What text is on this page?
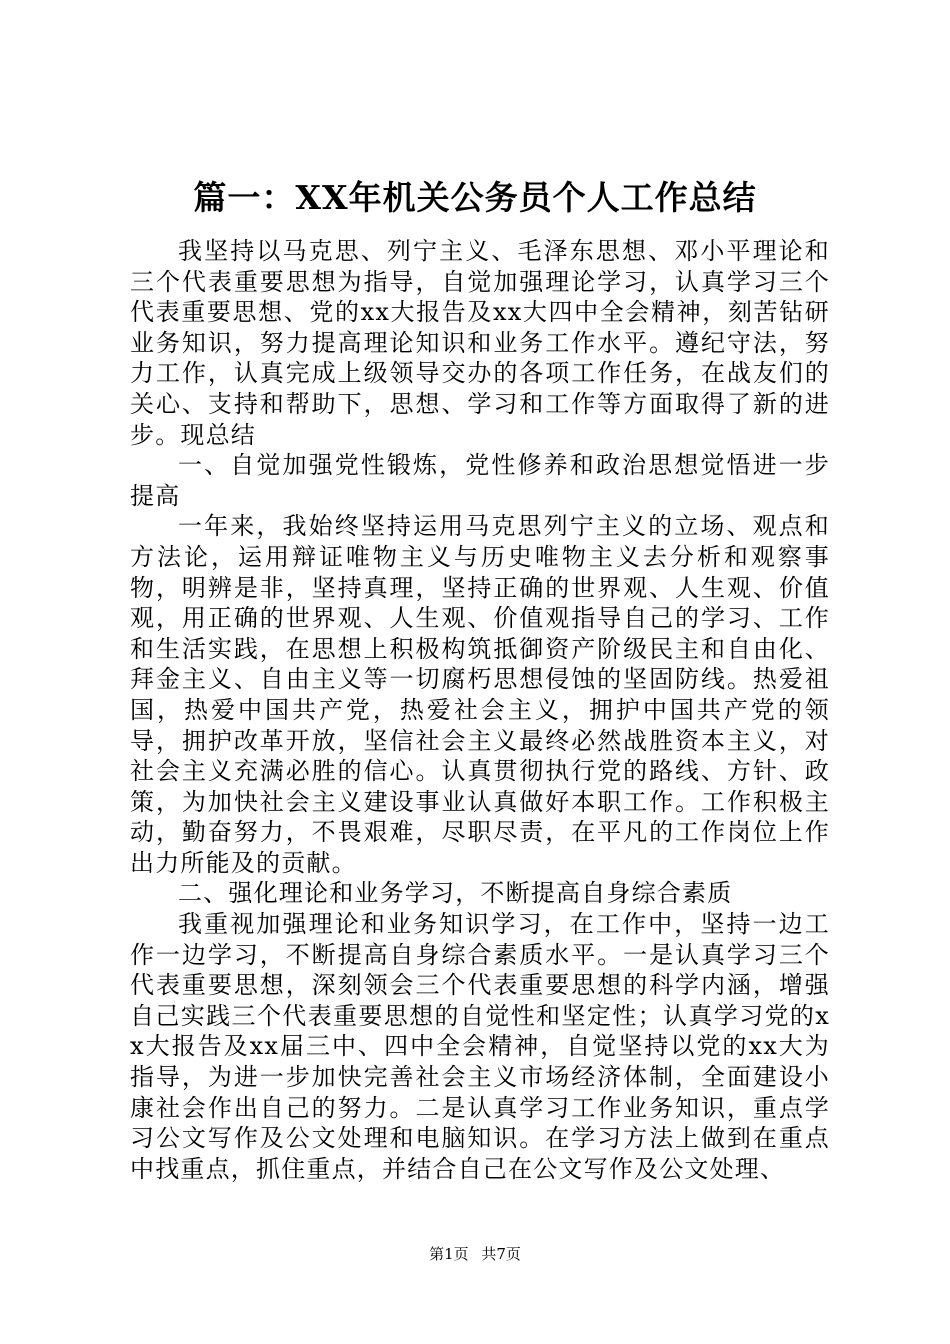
篇一：XX年机关公务员个人工作总结

我坚持以马克思、列宁主义、毛泽东思想、邓小平理论和三个代表重要思想为指导，自觉加强理论学习，认真学习三个代表重要思想、党的xx大报告及xx大四中全会精神，刻苦钻研业务知识，努力提高理论知识和业务工作水平。遵纪守法，努力工作，认真完成上级领导交办的各项工作任务，在战友们的关心、支持和帮助下，思想、学习和工作等方面取得了新的进步。现总结

一、自觉加强党性锻炼，党性修养和政治思想觉悟进一步提高

一年来，我始终坚持运用马克思列宁主义的立场、观点和方法论，运用辩证唯物主义与历史唯物主义去分析和观察事物，明辨是非，坚持真理，坚持正确的世界观、人生观、价值观，用正确的世界观、人生观、价值观指导自己的学习、工作和生活实践，在思想上积极构筑抵御资产阶级民主和自由化、拜金主义、自由主义等一切腐朽思想侵蚀的坚固防线。热爱祖国，热爱中国共产党，热爱社会主义，拥护中国共产党的领导，拥护改革开放，坚信社会主义最终必然战胜资本主义，对社会主义充满必胜的信心。认真贯彻执行党的路线、方针、政策，为加快社会主义建设事业认真做好本职工作。工作积极主动，勤奋努力，不畏艰难，尽职尽责，在平凡的工作岗位上作出力所能及的贡献。

二、强化理论和业务学习，不断提高自身综合素质

我重视加强理论和业务知识学习，在工作中，坚持一边工作一边学习，不断提高自身综合素质水平。一是认真学习三个代表重要思想，深刻领会三个代表重要思想的科学内涵，增强自己实践三个代表重要思想的自觉性和坚定性；认真学习党的xx大报告及xx届三中、四中全会精神，自觉坚持以党的xx大为指导，为进一步加快完善社会主义市场经济体制，全面建设小康社会作出自己的努力。二是认真学习工作业务知识，重点学习公文写作及公文处理和电脑知识。在学习方法上做到在重点中找重点，抓住重点，并结合自己在公文写作及公文处理、

第1页 共7页
